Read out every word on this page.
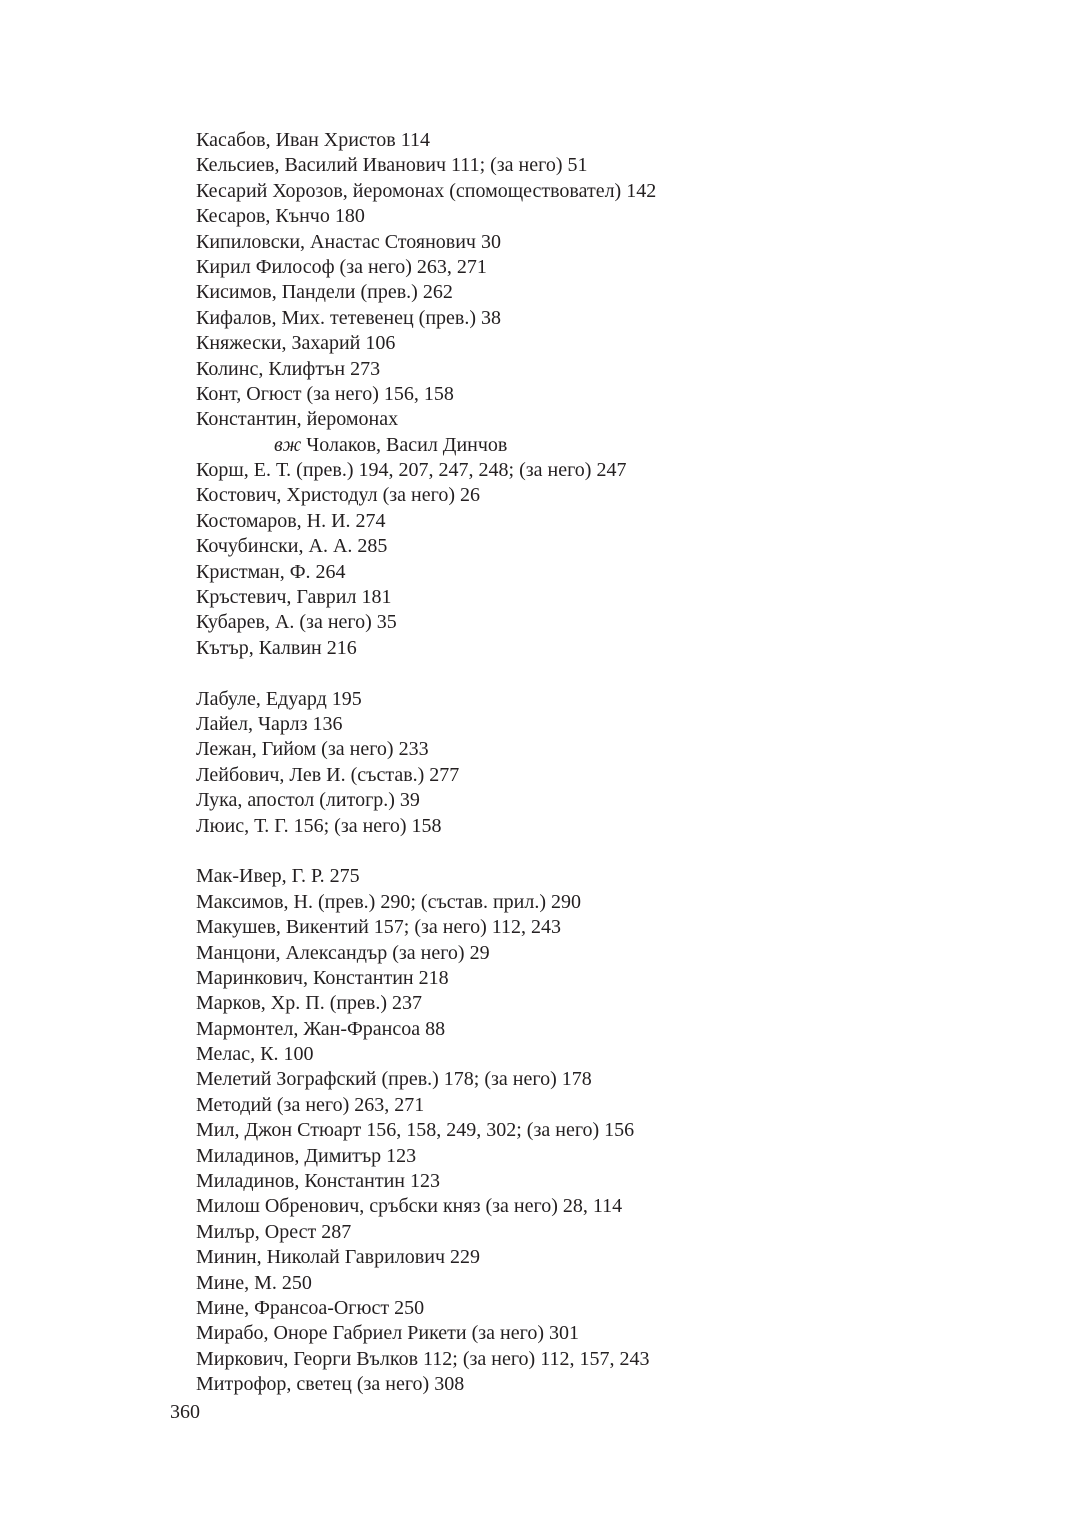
Касабов, Иван Христов 114
Кельсиев, Василий Иванович 111; (за него) 51
Кесарий Хорозов, йеромонах (спомоществовател) 142
Кесаров, Кънчо 180
Кипиловски, Анастас Стоянович 30
Кирил Философ (за него) 263, 271
Кисимов, Пандели (прев.) 262
Кифалов, Мих. тетевенец (прев.) 38
Княжески, Захарий 106
Колинс, Клифтън 273
Конт, Огюст (за него) 156, 158
Константин, йеромонах
вж Чолаков, Васил Динчов
Корш, Е. Т. (прев.) 194, 207, 247, 248; (за него) 247
Костович, Христодул (за него) 26
Костомаров, Н. И. 274
Кочубински, А. А. 285
Кристман, Ф. 264
Кръстевич, Гаврил 181
Кубарев, А. (за него) 35
Кътър, Калвин 216
Лабуле, Едуард 195
Лайел, Чарлз 136
Лежан, Гийом (за него) 233
Лейбович, Лев И. (състав.) 277
Лука, апостол (литогр.) 39
Люис, Т. Г. 156; (за него) 158
Мак-Ивер, Г. Р. 275
Максимов, Н. (прев.) 290; (състав. прил.) 290
Макушев, Викентий 157; (за него) 112, 243
Манцони, Александър (за него) 29
Маринкович, Константин 218
Марков, Хр. П. (прев.) 237
Мармонтел, Жан-Франсоа 88
Мелас, К. 100
Мелетий Зографский (прев.) 178; (за него) 178
Методий (за него) 263, 271
Мил, Джон Стюарт 156, 158, 249, 302; (за него) 156
Миладинов, Димитър 123
Миладинов, Константин 123
Милош Обренович, сръбски княз (за него) 28, 114
Милър, Орест 287
Минин, Николай Гаврилович 229
Мине, М. 250
Мине, Франсоа-Огюст 250
Мирабо, Оноре Габриел Рикети (за него) 301
Миркович, Георги Вълков 112; (за него) 112, 157, 243
Митрофор, светец (за него) 308
360
